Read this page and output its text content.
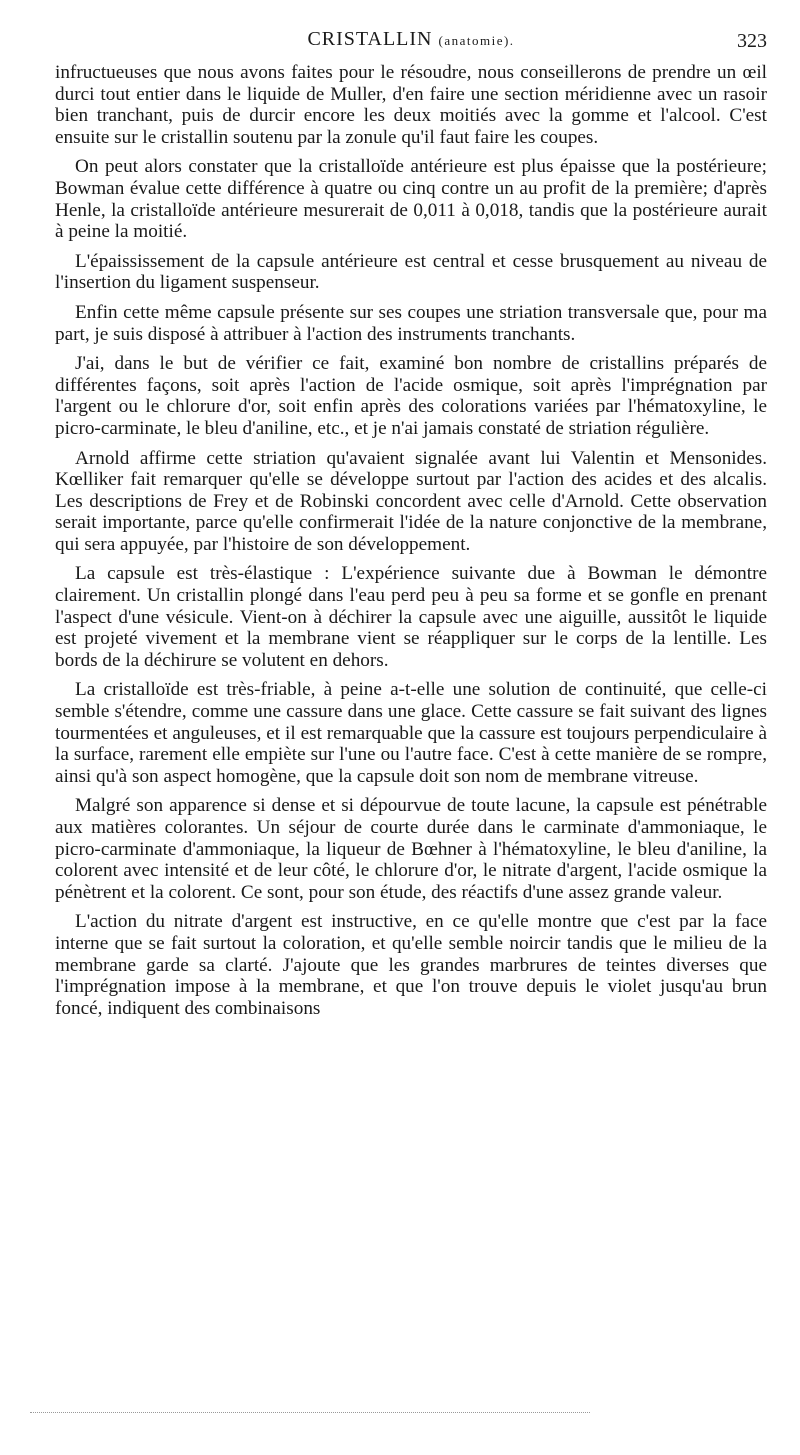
CRISTALLIN (anatomie).	323

infructueuses que nous avons faites pour le résoudre, nous conseillerons de prendre un œil durci tout entier dans le liquide de Muller, d'en faire une section méridienne avec un rasoir bien tranchant, puis de durcir encore les deux moitiés avec la gomme et l'alcool. C'est ensuite sur le cristallin soutenu par la zonule qu'il faut faire les coupes.

On peut alors constater que la cristalloïde antérieure est plus épaisse que la postérieure; Bowman évalue cette différence à quatre ou cinq contre un au profit de la première; d'après Henle, la cristalloïde antérieure mesurerait de 0,011 à 0,018, tandis que la postérieure aurait à peine la moitié.

L'épaississement de la capsule antérieure est central et cesse brusquement au niveau de l'insertion du ligament suspenseur.

Enfin cette même capsule présente sur ses coupes une striation transversale que, pour ma part, je suis disposé à attribuer à l'action des instruments tranchants.

J'ai, dans le but de vérifier ce fait, examiné bon nombre de cristallins préparés de différentes façons, soit après l'action de l'acide osmique, soit après l'imprégnation par l'argent ou le chlorure d'or, soit enfin après des colorations variées par l'hématoxyline, le picro-carminate, le bleu d'aniline, etc., et je n'ai jamais constaté de striation régulière.

Arnold affirme cette striation qu'avaient signalée avant lui Valentin et Mensonides. Kœlliker fait remarquer qu'elle se développe surtout par l'action des acides et des alcalis. Les descriptions de Frey et de Robinski concordent avec celle d'Arnold. Cette observation serait importante, parce qu'elle confirmerait l'idée de la nature conjonctive de la membrane, qui sera appuyée, par l'histoire de son développement.

La capsule est très-élastique : L'expérience suivante due à Bowman le démontre clairement. Un cristallin plongé dans l'eau perd peu à peu sa forme et se gonfle en prenant l'aspect d'une vésicule. Vient-on à déchirer la capsule avec une aiguille, aussitôt le liquide est projeté vivement et la membrane vient se réappliquer sur le corps de la lentille. Les bords de la déchirure se volutent en dehors.

La cristalloïde est très-friable, à peine a-t-elle une solution de continuité, que celle-ci semble s'étendre, comme une cassure dans une glace. Cette cassure se fait suivant des lignes tourmentées et anguleuses, et il est remarquable que la cassure est toujours perpendiculaire à la surface, rarement elle empiète sur l'une ou l'autre face. C'est à cette manière de se rompre, ainsi qu'à son aspect homogène, que la capsule doit son nom de membrane vitreuse.

Malgré son apparence si dense et si dépourvue de toute lacune, la capsule est pénétrable aux matières colorantes. Un séjour de courte durée dans le carminate d'ammoniaque, le picro-carminate d'ammoniaque, la liqueur de Bœhner à l'hématoxyline, le bleu d'aniline, la colorent avec intensité et de leur côté, le chlorure d'or, le nitrate d'argent, l'acide osmique la pénètrent et la colorent. Ce sont, pour son étude, des réactifs d'une assez grande valeur.

L'action du nitrate d'argent est instructive, en ce qu'elle montre que c'est par la face interne que se fait surtout la coloration, et qu'elle semble noircir tandis que le milieu de la membrane garde sa clarté. J'ajoute que les grandes marbrures de teintes diverses que l'imprégnation impose à la membrane, et que l'on trouve depuis le violet jusqu'au brun foncé, indiquent des combinaisons
